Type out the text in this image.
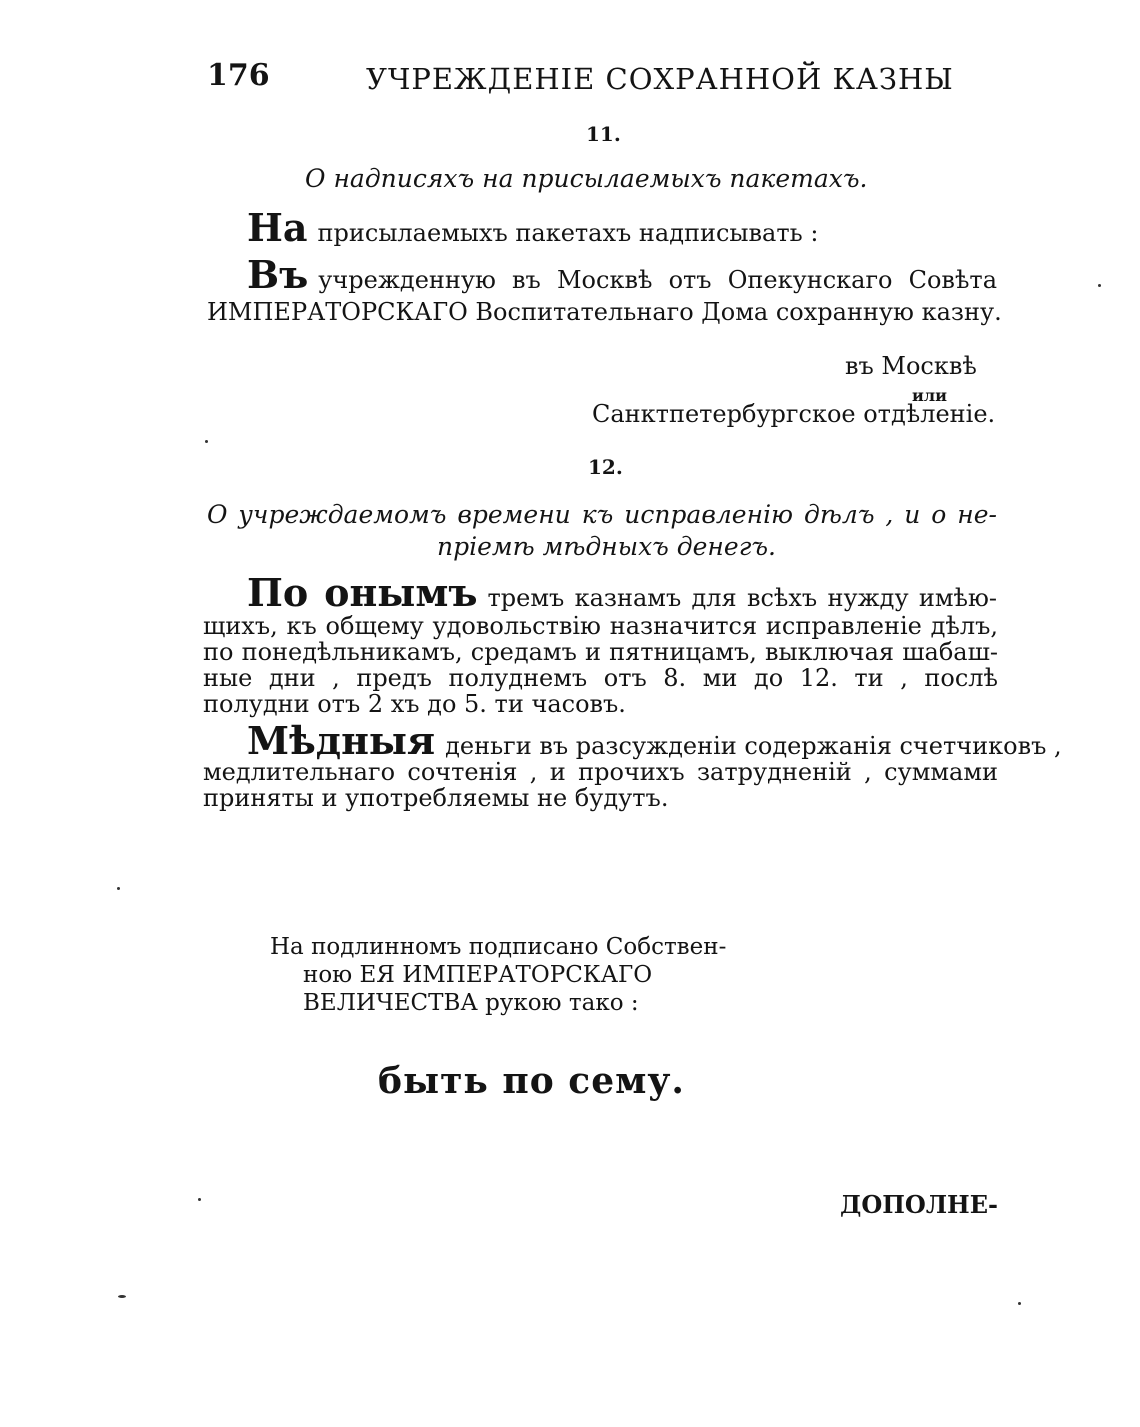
176	УЧРЕЖДЕНІЕ СОХРАННОЙ КАЗНЫ
11.
О надписяхъ на присылаемыхъ пакетахъ.
На присылаемыхъ пакетахъ надписывать :
Въ учрежденную въ Москвѣ отъ Опекунскаго Совѣта
ИМПЕРАТОРСКАГО Воспитательнаго Дома сохранную казну.
въ Москвѣ
или
Санктпетербургское отдѣленіе.
12.
О учреждаемомъ времени къ исправленію дѣлъ , и о не-
пріемѣ мѣдныхъ денегъ.
По онымъ тремъ казнамъ для всѣхъ нужду имѣю-
щихъ, къ общему удовольствію назначится исправленіе дѣлъ,
по понедѣльникамъ, средамъ и пятницамъ, выключая шабаш-
ные дни , предъ полуднемъ отъ 8. ми до 12. ти , послѣ
полудни отъ 2 хъ до 5. ти часовъ.
Мѣдныя деньги въ разсужденіи содержанія счетчиковъ ,
медлительнаго сочтенія , и прочихъ затрудненій , суммами
приняты и употребляемы не будутъ.
На подлинномъ подписано Собствен-
ною ЕЯ ИМПЕРАТОРСКАГО
ВЕЛИЧЕСТВА рукою тако :
быть по сему.
ДОПОЛНЕ-
